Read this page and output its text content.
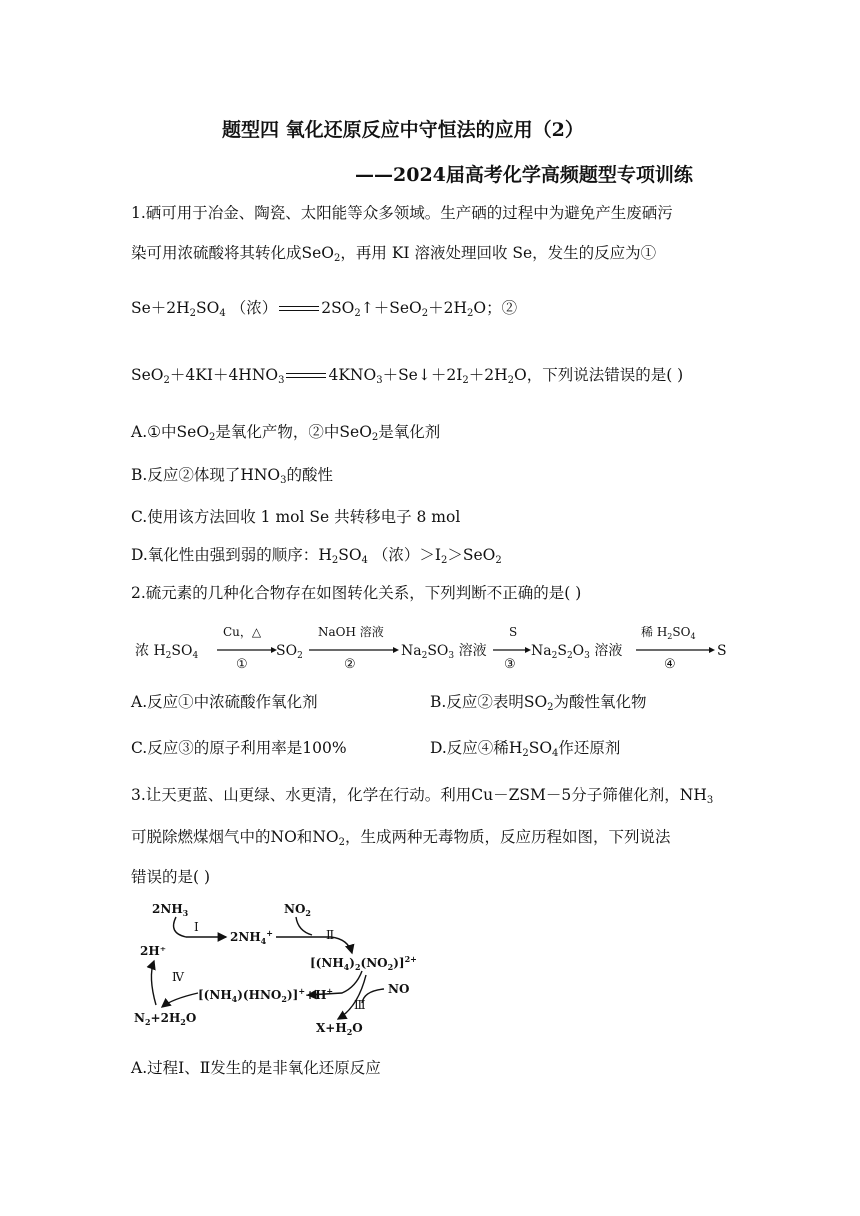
题型四 氧化还原反应中守恒法的应用（2）
——2024届高考化学高频题型专项训练
1.硒可用于冶金、陶瓷、太阳能等众多领域。生产硒的过程中为避免产生废硒污
染可用浓硫酸将其转化成SeO$_2$，再用 KI 溶液处理回收 Se，发生的反应为①
$Se+2H_2SO_4$ （浓）	$2SO_2↑+SeO_2+2H_2O$；②
$SeO_2+4KI+4HNO_3$	$4KNO_3+Se↓+2I_2+2H_2O$，下列说法错误的是( )
A.①中SeO$_2$是氧化产物，②中SeO$_2$是氧化剂
B.反应②体现了$HNO_3$的酸性
C.使用该方法回收 1 mol Se 共转移电子 8 mol
D.氧化性由强到弱的顺序：$H_2SO_4$ （浓）$>I_2>SeO_2$
2.硫元素的几种化合物存在如图转化关系，下列判断不正确的是( )
浓 $H_2SO_4$
Cu，△
①
$SO_2$
NaOH 溶液
②
$Na_2SO_3$ 溶液
S
③
$Na_2S_2O_3$ 溶液
稀 $H_2SO_4$
④
S
A.反应①中浓硫酸作氧化剂	B.反应②表明$SO_2$为酸性氧化物
C.反应③的原子利用率是100%	D.反应④稀$H_2SO_4$作还原剂
3.让天更蓝、山更绿、水更清，化学在行动。利用Cu－ZSM－5分子筛催化剂，$NH_3$
可脱除燃煤烟气中的NO和$NO_2$，生成两种无毒物质，反应历程如图，下列说法
错误的是( )
$2NH_3$
2H⁺
$2NH_4^+$
$NO_2$
$[(NH_4)_2(NO_2)]^{2+}$
NO
$[(NH_4)(HNO_2)]^++H^+$
$N_2+2H_2O$
$X+H_2O$
Ⅰ
Ⅱ
Ⅲ
Ⅳ
A.过程Ⅰ、Ⅱ发生的是非氧化还原反应
